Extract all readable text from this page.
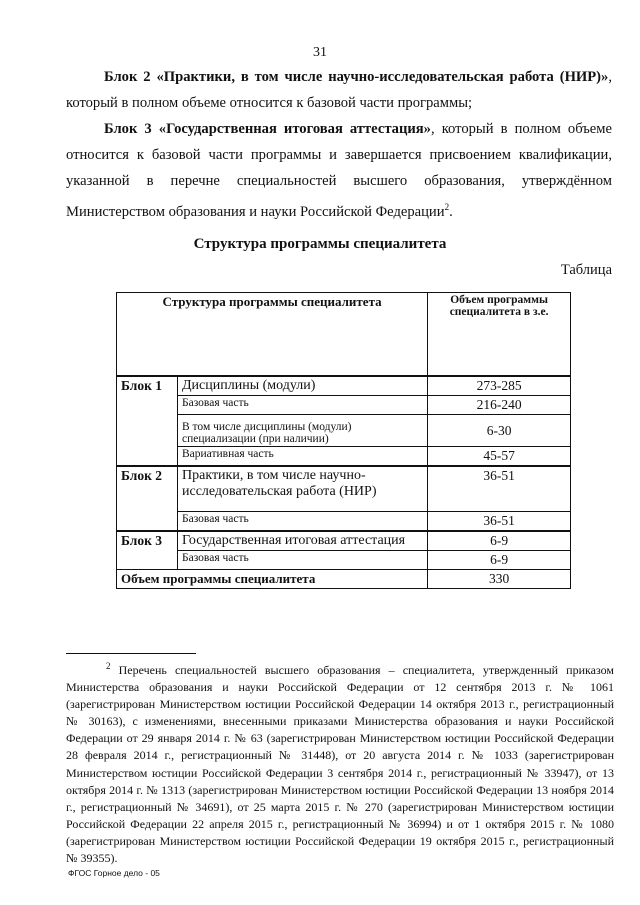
31
Блок 2 «Практики, в том числе научно-исследовательская работа (НИР)», который в полном объеме относится к базовой части программы;
Блок 3 «Государственная итоговая аттестация», который в полном объеме относится к базовой части программы и завершается присвоением квалификации, указанной в перечне специальностей высшего образования, утверждённом Министерством образования и науки Российской Федерации$^2$.
Структура программы специалитета
Таблица
Структура программы специалитета		Объем программы специалитета в з.е.
Блок 1	Дисциплины (модули)	273-285
	Базовая часть	216-240
	В том числе дисциплины (модули) специализации (при наличии)	6-30
	Вариативная часть	45-57
Блок 2	Практики, в том числе научно-исследовательская работа (НИР)	36-51
	Базовая часть	36-51
Блок 3	Государственная итоговая аттестация	6-9
	Базовая часть	6-9
Объем программы специалитета		330
$^2$ Перечень специальностей высшего образования – специалитета, утвержденный приказом Министерства образования и науки Российской Федерации от 12 сентября 2013 г. № 1061 (зарегистрирован Министерством юстиции Российской Федерации 14 октября 2013 г., регистрационный № 30163), с изменениями, внесенными приказами Министерства образования и науки Российской Федерации от 29 января 2014 г. № 63 (зарегистрирован Министерством юстиции Российской Федерации 28 февраля 2014 г., регистрационный № 31448), от 20 августа 2014 г. № 1033 (зарегистрирован Министерством юстиции Российской Федерации 3 сентября 2014 г., регистрационный № 33947), от 13 октября 2014 г. № 1313 (зарегистрирован Министерством юстиции Российской Федерации 13 ноября 2014 г., регистрационный № 34691), от 25 марта 2015 г. № 270 (зарегистрирован Министерством юстиции Российской Федерации 22 апреля 2015 г., регистрационный № 36994) и от 1 октября 2015 г. № 1080 (зарегистрирован Министерством юстиции Российской Федерации 19 октября 2015 г., регистрационный № 39355).
ФГОС Горное дело - 05
